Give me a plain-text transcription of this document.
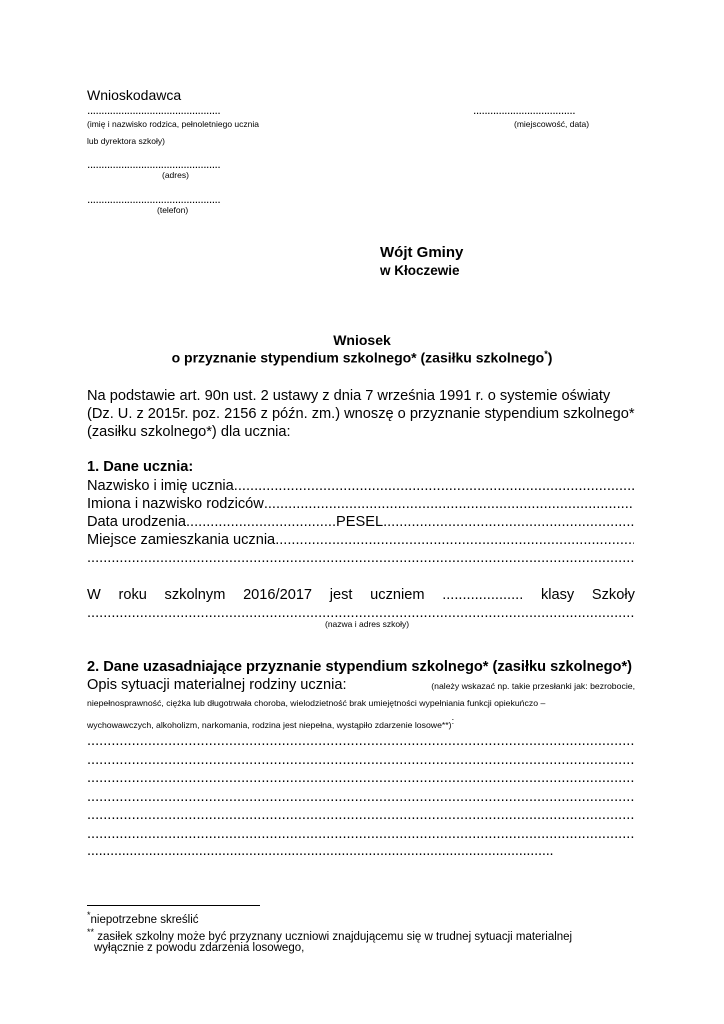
Wnioskodawca
...............................................	....................................
(imię i nazwisko rodzica, pełnoletniego ucznia	(miejscowość, data)
lub dyrektora szkoły)
...............................................
(adres)
...............................................
(telefon)
Wójt Gminy
w Kłoczewie
Wniosek
o przyznanie stypendium szkolnego* (zasiłku szkolnego*)
Na podstawie art. 90n ust. 2 ustawy z dnia 7 września 1991 r. o systemie oświaty
(Dz. U. z 2015r. poz. 2156 z późn. zm.) wnoszę o przyznanie stypendium szkolnego*
(zasiłku szkolnego*) dla ucznia:
1. Dane ucznia:
Nazwisko i imię ucznia
.....
Imiona i nazwisko rodziców
.....
Data urodzenia ..................................... PESEL
.....
Miejsce zamieszkania ucznia
.....
.....
W roku szkolnym 2016/2017 jest uczniem .................... klasy Szkoły
.....
(nazwa i adres szkoły)
2. Dane uzasadniające przyznanie stypendium szkolnego* (zasiłku szkolnego*)
Opis sytuacji materialnej rodziny ucznia:	(należy wskazać np. takie przesłanki jak: bezrobocie,
niepełnosprawność, ciężka lub długotrwała choroba, wielodzietność brak umiejętności wypełniania funkcji opiekuńczo –
wychowawczych, alkoholizm, narkomania, rodzina jest niepełna, wystąpiło zdarzenie losowe**):
.....
.....
.....
.....
.....
.....
.........................................................................................................................
*niepotrzebne skreślić
** zasiłek szkolny może być przyznany uczniowi znajdującemu się w trudnej sytuacji materialnej
wyłącznie z powodu zdarzenia losowego,
